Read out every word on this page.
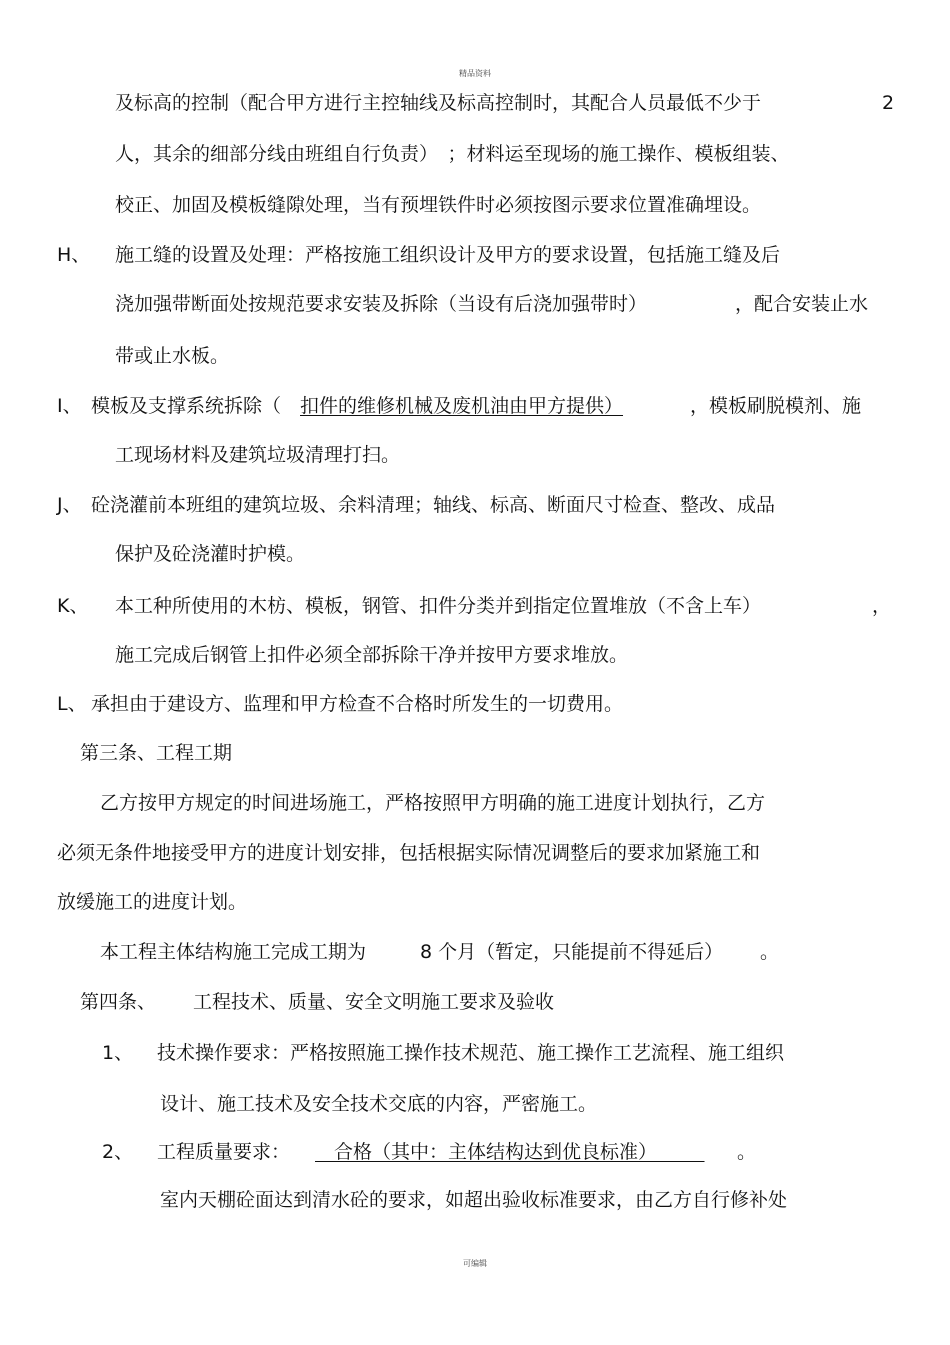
精品资料
及标高的控制（配合甲方进行主控轴线及标高控制时，其配合人员最低不少于	2
人，其余的细部分线由班组自行负责）　；材料运至现场的施工操作、模板组装、
校正、加固及模板缝隙处理，当有预埋铁件时必须按图示要求位置准确埋设。
H、 施工缝的设置及处理：严格按施工组织设计及甲方的要求设置，包括施工缝及后
浇加强带断面处按规范要求安装及拆除（当设有后浇加强带时）	，配合安装止水
带或止水板。
I、 模板及支撑系统拆除（ 扣件的维修机械及废机油由甲方提供）	，模板刷脱模剂、施
工现场材料及建筑垃圾清理打扫。
J、 砼浇灌前本班组的建筑垃圾、余料清理；轴线、标高、断面尺寸检查、整改、成品
保护及砼浇灌时护模。
K、 本工种所使用的木枋、模板，钢管、扣件分类并到指定位置堆放（不含上车）	，
施工完成后钢管上扣件必须全部拆除干净并按甲方要求堆放。
L、 承担由于建设方、监理和甲方检查不合格时所发生的一切费用。
第三条、工程工期
乙方按甲方规定的时间进场施工，严格按照甲方明确的施工进度计划执行，乙方
必须无条件地接受甲方的进度计划安排，包括根据实际情况调整后的要求加紧施工和
放缓施工的进度计划。
本工程主体结构施工完成工期为	8 个月（暂定，只能提前不得延后） 。
第四条、 工程技术、质量、安全文明施工要求及验收
1、 技术操作要求：严格按照施工操作技术规范、施工操作工艺流程、施工组织
设计、施工技术及安全技术交底的内容，严密施工。
2、 工程质量要求： 　合格（其中：主体结构达到优良标准）　　　	。
室内天棚砼面达到清水砼的要求，如超出验收标准要求，由乙方自行修补处
可编辑
